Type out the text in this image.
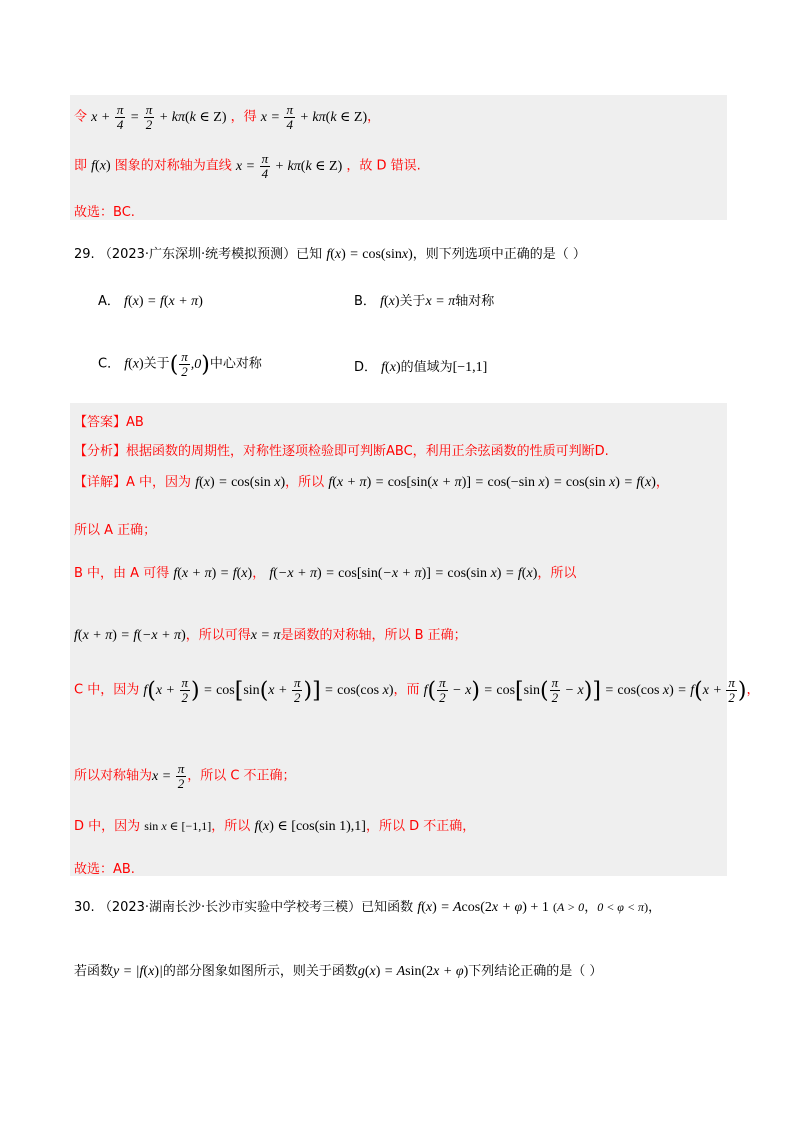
令 $x + \frac{\pi}{4} = \frac{\pi}{2} + k\pi(k$ ∈ Z) ，得 $x = \frac{\pi}{4} + k\pi(k$ ∈ Z)，
即 f(x) 图象的对称轴为直线 $x = \frac{\pi}{4} + k\pi(k$ ∈ Z) ，故 D 错误.
故选：BC.
29. （2023·广东深圳·统考模拟预测）已知 f(x) = cos(sinx)，则下列选项中正确的是（ ）
A． f(x) = f(x + π)	B． f(x)关于x = π轴对称
C． f(x)关于( $\frac{\pi}{2} ,0$)中心对称	D． f(x)的值域为[−1,1]
【答案】AB
【分析】根据函数的周期性，对称性逐项检验即可判断ABC，利用正余弦函数的性质可判断D.
【详解】A 中，因为 f(x) = cos(sin x)，所以 f(x + π) = cos[sin(x + π)] = cos(−sin x) = cos(sin x) = f(x)，
所以 A 正确；
B 中，由 A 可得 f(x + π) = f(x)， f(−x + π) = cos[sin(−x + π)] = cos(sin x) = f(x)，所以
f(x + π) = f(−x + π)，所以可得x = π是函数的对称轴，所以 B 正确；
C 中，因为 $f(x + \frac{\pi}{2}$ ) = $\cos[\sin(x + \frac{\pi}{2}$ )] = cos(cos x)，而 $f( \frac{\pi}{2} - x) = \cos[\sin( \frac{\pi}{2} - x)] = \cos(\cos$ $x) = f(x + \frac{\pi}{2}$ )，
所以对称轴为$x = \frac{\pi}{2}$ ，所以 C 不正确；
D 中，因为 sin x ∈ [−1,1]，所以 f(x) ∈ [cos(sin 1),1]，所以 D 不正确，
故选：AB.
30. （2023·湖南长沙·长沙市实验中学校考三模）已知函数 f(x) = Acos(2x + φ) + 1 (A > 0，0 < φ < π)，
若函数y = |f(x)|的部分图象如图所示，则关于函数g(x) = Asin(2x + φ)下列结论正确的是（ ）
